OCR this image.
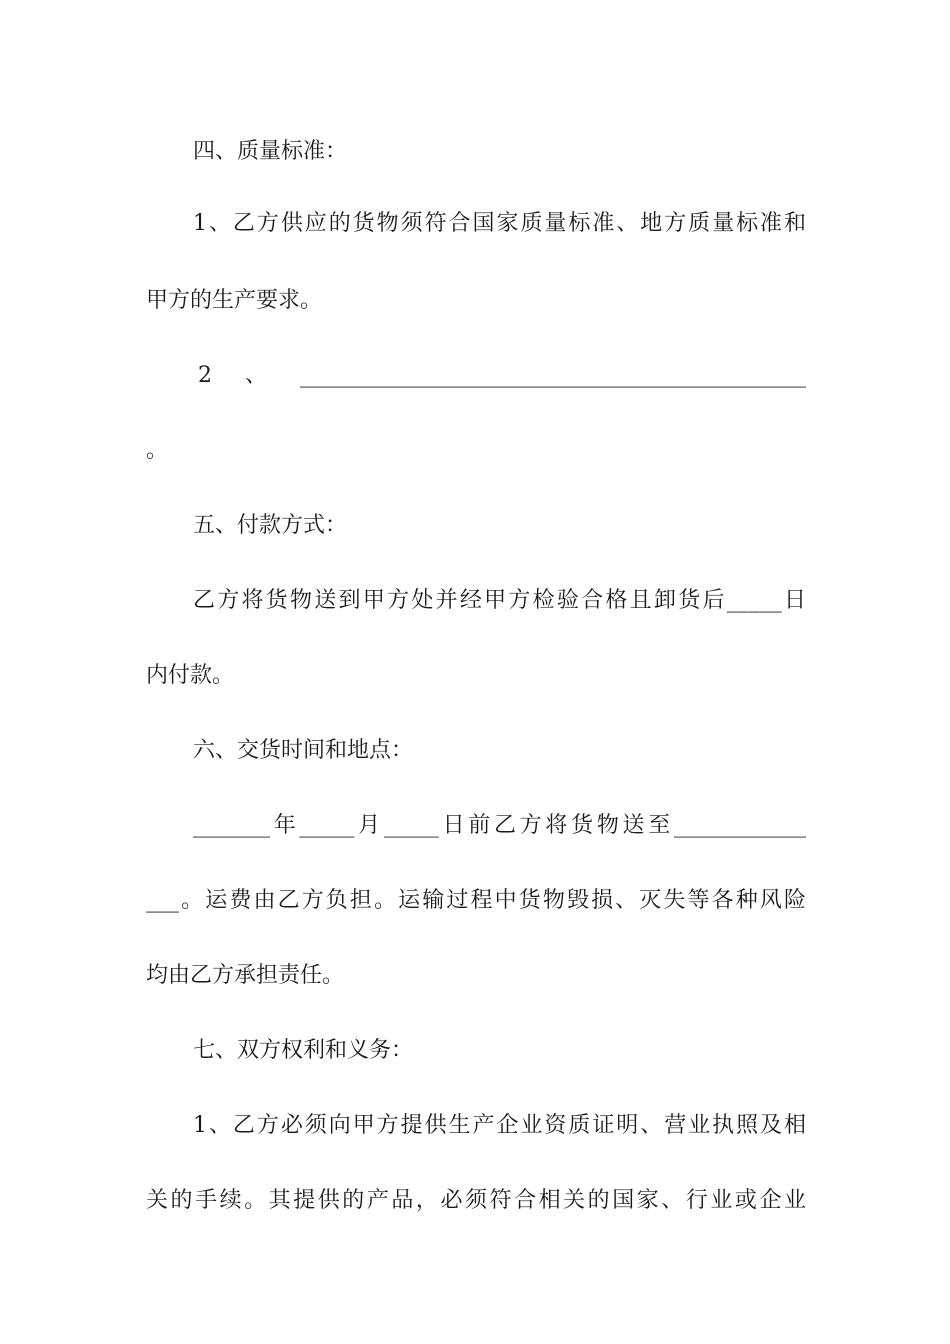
四、质量标准：
1、乙方供应的货物须符合国家质量标准、地方质量标准和
甲方的生产要求。
2、______________________________________________
。
五、付款方式：
乙方将货物送到甲方处并经甲方检验合格且卸货后_____日
内付款。
六、交货时间和地点：
_______年_____月_____日前乙方将货物送至____________
___。运费由乙方负担。运输过程中货物毁损、灭失等各种风险
均由乙方承担责任。
七、双方权利和义务：
1、乙方必须向甲方提供生产企业资质证明、营业执照及相
关的手续。其提供的产品，必须符合相关的国家、行业或企业
